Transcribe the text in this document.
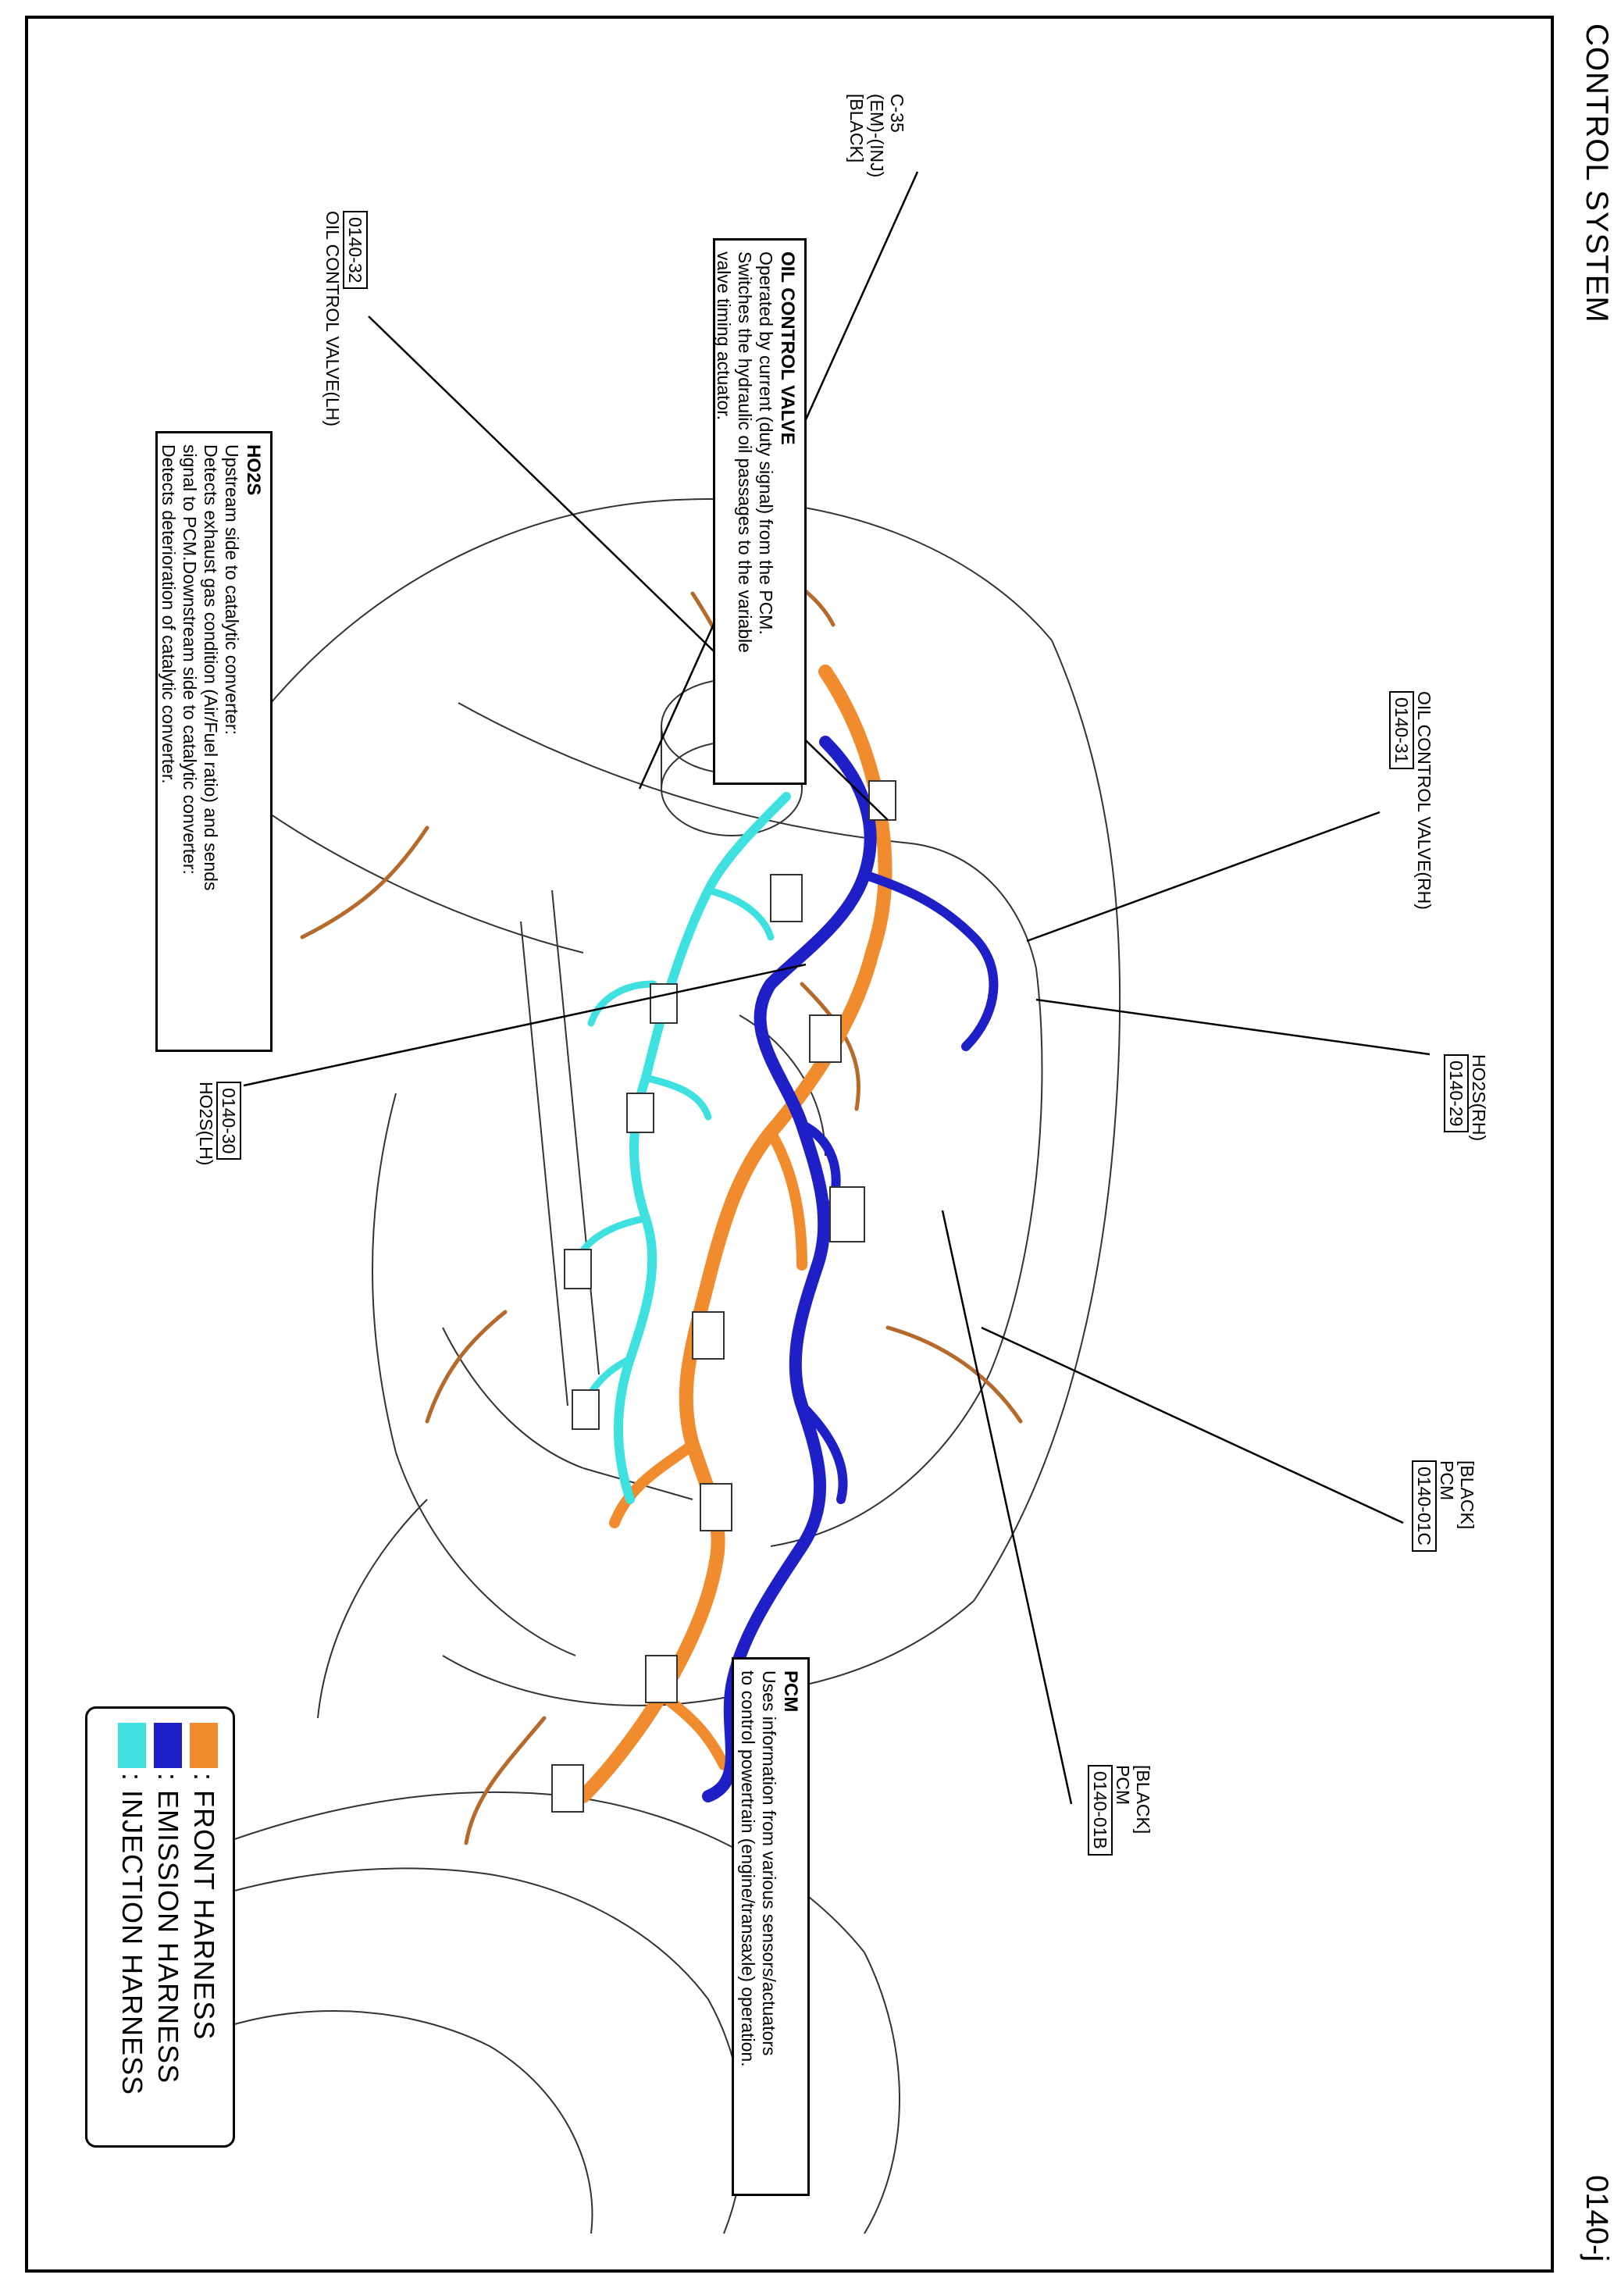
CONTROL SYSTEM
0140-j
OIL CONTROL VALVE
Operated by current (duty signal) from the PCM.
Switches the hydraulic oil passages to the variable
valve timing actuator.
HO2S
Upstream side to catalytic converter:
Detects exhaust gas condition (Air/Fuel ratio) and sends
signal to PCM.Downstream side to catalytic converter:
Detects deterioration of catalytic converter.
PCM
Uses information from various sensors/actuators
to control powertrain (engine/transaxle) operation.
C-35
(EM)-(INJ)
[BLACK]
0140-32
OIL CONTROL VALVE(LH)
OIL CONTROL VALVE(RH)
0140-31
HO2S(RH)
0140-29
0140-30
HO2S(LH)
[BLACK]
PCM
0140-01C
[BLACK]
PCM
0140-01B
: FRONT HARNESS
: EMISSION HARNESS
: INJECTION HARNESS
